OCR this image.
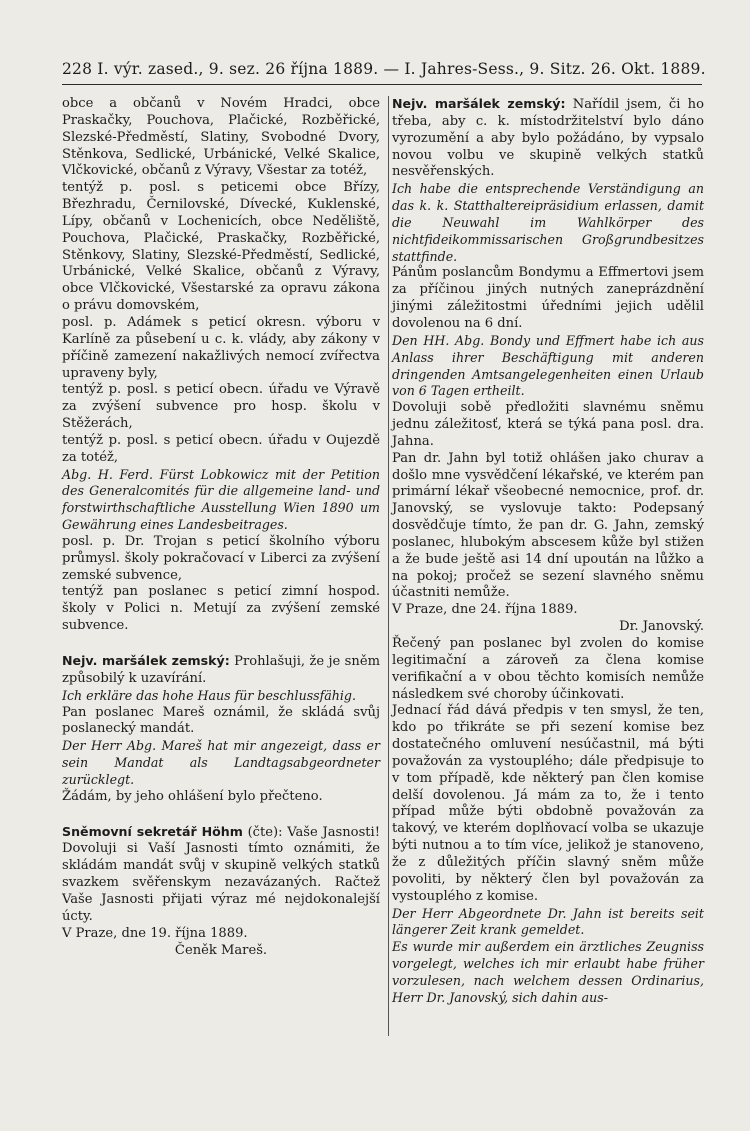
228 I. výr. zased., 9. sez. 26 října 1889. — I. Jahres-Sess., 9. Sitz. 26. Okt. 1889.

obce a občanů v Novém Hradci, obce Praskačky, Pouchova, Plačické, Rozběřické, Slezské-Předměstí, Slatiny, Svobodné Dvory, Stěnkova, Sedlické, Urbánické, Velké Skalice, Vlčkovické, občanů z Výravy, Všestar za totéž,

tentýž p. posl. s peticemi obce Břízy, Březhradu, Černilovské, Dívecké, Kuklenské, Lípy, občanů v Lochenicích, obce Neděliště, Pouchova, Plačické, Praskačky, Rozběřické, Stěnkovy, Slatiny, Slezské-Předměstí, Sedlické, Urbánické, Velké Skalice, občanů z Výravy, obce Vlčkovické, Všestarské za opravu zákona o právu domovském,

posl. p. Adámek s peticí okresn. výboru v Karlíně za půsebení u c. k. vlády, aby zákony v příčině zamezení nakažlivých nemocí zvířectva upraveny byly,

tentýž p. posl. s peticí obecn. úřadu ve Výravě za zvýšení subvence pro hosp. školu v Stěžerách,

tentýž p. posl. s peticí obecn. úřadu v Oujezdě za totéž,

Abg. H. Ferd. Fürst Lobkowicz mit der Petition des Generalcomités für die allgemeine land- und forstwirthschaftliche Ausstellung Wien 1890 um Gewährung eines Landesbeitrages.

posl. p. Dr. Trojan s peticí školního výboru průmysl. školy pokračovací v Liberci za zvýšení zemské subvence,

tentýž pan poslanec s peticí zimní hospod. školy v Polici n. Metují za zvýšení zemské subvence.

Nejv. maršálek zemský: Prohlašuji, že je sněm způsobilý k uzavírání.

Ich erkläre das hohe Haus für beschlussfähig.

Pan poslanec Mareš oznámil, že skládá svůj poslanecký mandát.

Der Herr Abg. Mareš hat mir angezeigt, dass er sein Mandat als Landtagsabgeordneter zurücklegt.

Žádám, by jeho ohlášení bylo přečteno.

Sněmovní sekretář Höhm (čte): Vaše Jasnosti! Dovoluji si Vaší Jasnosti tímto oznámiti, že skládám mandát svůj v skupině velkých statků svazkem svěřenskym nezavázaných. Račtež Vaše Jasnosti přijati výraz mé nejdokonalejší úcty.

V Praze, dne 19. října 1889.

Čeněk Mareš.

Nejv. maršálek zemský: Nařídil jsem, či ho třeba, aby c. k. místodržitelství bylo dáno vyrozumění a aby bylo požádáno, by vypsalo novou volbu ve skupině velkých statků nesvěřenských.

Ich habe die entsprechende Verständigung an das k. k. Statthaltereipräsidium erlassen, damit die Neuwahl im Wahlkörper des nichtfideikommissarischen Großgrundbesitzes stattfinde.

Pánům poslancům Bondymu a Effmertovi jsem za příčinou jiných nutných zaneprázdnění jinými záležitostmi úředními jejich udělil dovolenou na 6 dní.

Den HH. Abg. Bondy und Effmert habe ich aus Anlass ihrer Beschäftigung mit anderen dringenden Amtsangelegenheiten einen Urlaub von 6 Tagen ertheilt.

Dovoluji sobě předložiti slavnému sněmu jednu záležitosť, která se týká pana posl. dra. Jahna.

Pan dr. Jahn byl totiž ohlášen jako churav a došlo mne vysvědčení lékařské, ve kterém pan primární lékař všeobecné nemocnice, prof. dr. Janovský, se vyslovuje takto: Podepsaný dosvědčuje tímto, že pan dr. G. Jahn, zemský poslanec, hlubokým abscesem kůže byl stižen a že bude ještě asi 14 dní upoután na lůžko a na pokoj; pročež se sezení slavného sněmu účastniti nemůže.

V Praze, dne 24. října 1889.

Dr. Janovský.

Řečený pan poslanec byl zvolen do komise legitimační a zároveň za člena komise verifikační a v obou těchto komisích nemůže následkem své choroby účinkovati.

Jednací řád dává předpis v ten smysl, že ten, kdo po třikráte se při sezení komise bez dostatečného omluvení nesúčastnil, má býti považován za vystouplého; dále předpisuje to v tom případě, kde některý pan člen komise delší dovolenou. Já mám za to, že i tento případ může býti obdobně považován za takový, ve kterém doplňovací volba se ukazuje býti nutnou a to tím více, jelikož je stanoveno, že z důležitých příčin slavný sněm může povoliti, by některý člen byl považován za vystouplého z komise.

Der Herr Abgeordnete Dr. Jahn ist bereits seit längerer Zeit krank gemeldet.

Es wurde mir außerdem ein ärztliches Zeugniss vorgelegt, welches ich mir erlaubt habe früher vorzulesen, nach welchem dessen Ordinarius, Herr Dr. Janovský, sich dahin aus-
